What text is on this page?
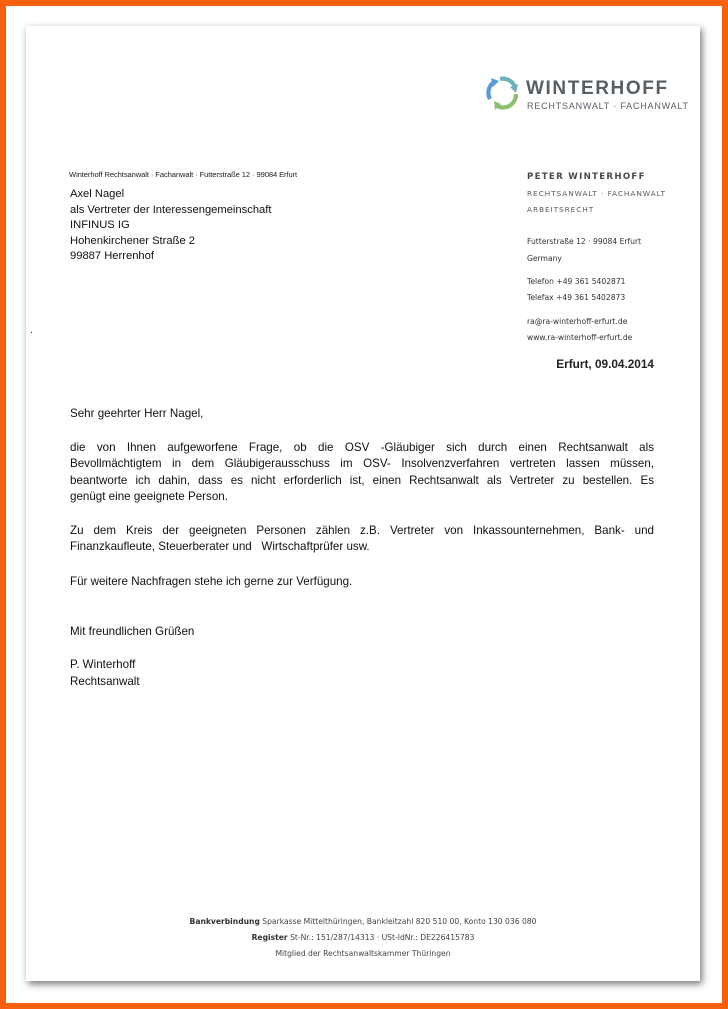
WINTERHOFF
RECHTSANWALT · FACHANWALT
Winterhoff Rechtsanwalt · Fachanwalt · Futterstraße 12 · 99084 Erfurt
Axel Nagel
als Vertreter der Interessengemeinschaft
INFINUS IG
Hohenkirchener Straße 2
99887 Herrenhof
PETER WINTERHOFF
RECHTSANWALT · FACHANWALT
ARBEITSRECHT
Futterstraße 12 · 99084 Erfurt
Germany
Telefon +49 361 5402871
Telefax +49 361 5402873
ra@ra-winterhoff-erfurt.de
www.ra-winterhoff-erfurt.de
.
Erfurt, 09.04.2014
Sehr geehrter Herr Nagel,
die von Ihnen aufgeworfene Frage, ob die OSV -Gläubiger sich durch einen Rechtsanwalt als
Bevollmächtigtem in dem Gläubigerausschuss im OSV- Insolvenzverfahren vertreten lassen müssen,
beantworte ich dahin, dass es nicht erforderlich ist, einen Rechtsanwalt als Vertreter zu bestellen. Es
genügt eine geeignete Person.
Zu dem Kreis der geeigneten Personen zählen z.B. Vertreter von Inkassounternehmen, Bank- und
Finanzkaufleute, Steuerberater und   Wirtschaftprüfer usw.
Für weitere Nachfragen stehe ich gerne zur Verfügung.
Mit freundlichen Grüßen
P. Winterhoff
Rechtsanwalt
Bankverbindung Sparkasse Mittelthüringen, Bankleitzahl 820 510 00, Konto 130 036 080
Register St-Nr.: 151/287/14313 · USt-IdNr.: DE226415783
Mitglied der Rechtsanwaltskammer Thüringen
